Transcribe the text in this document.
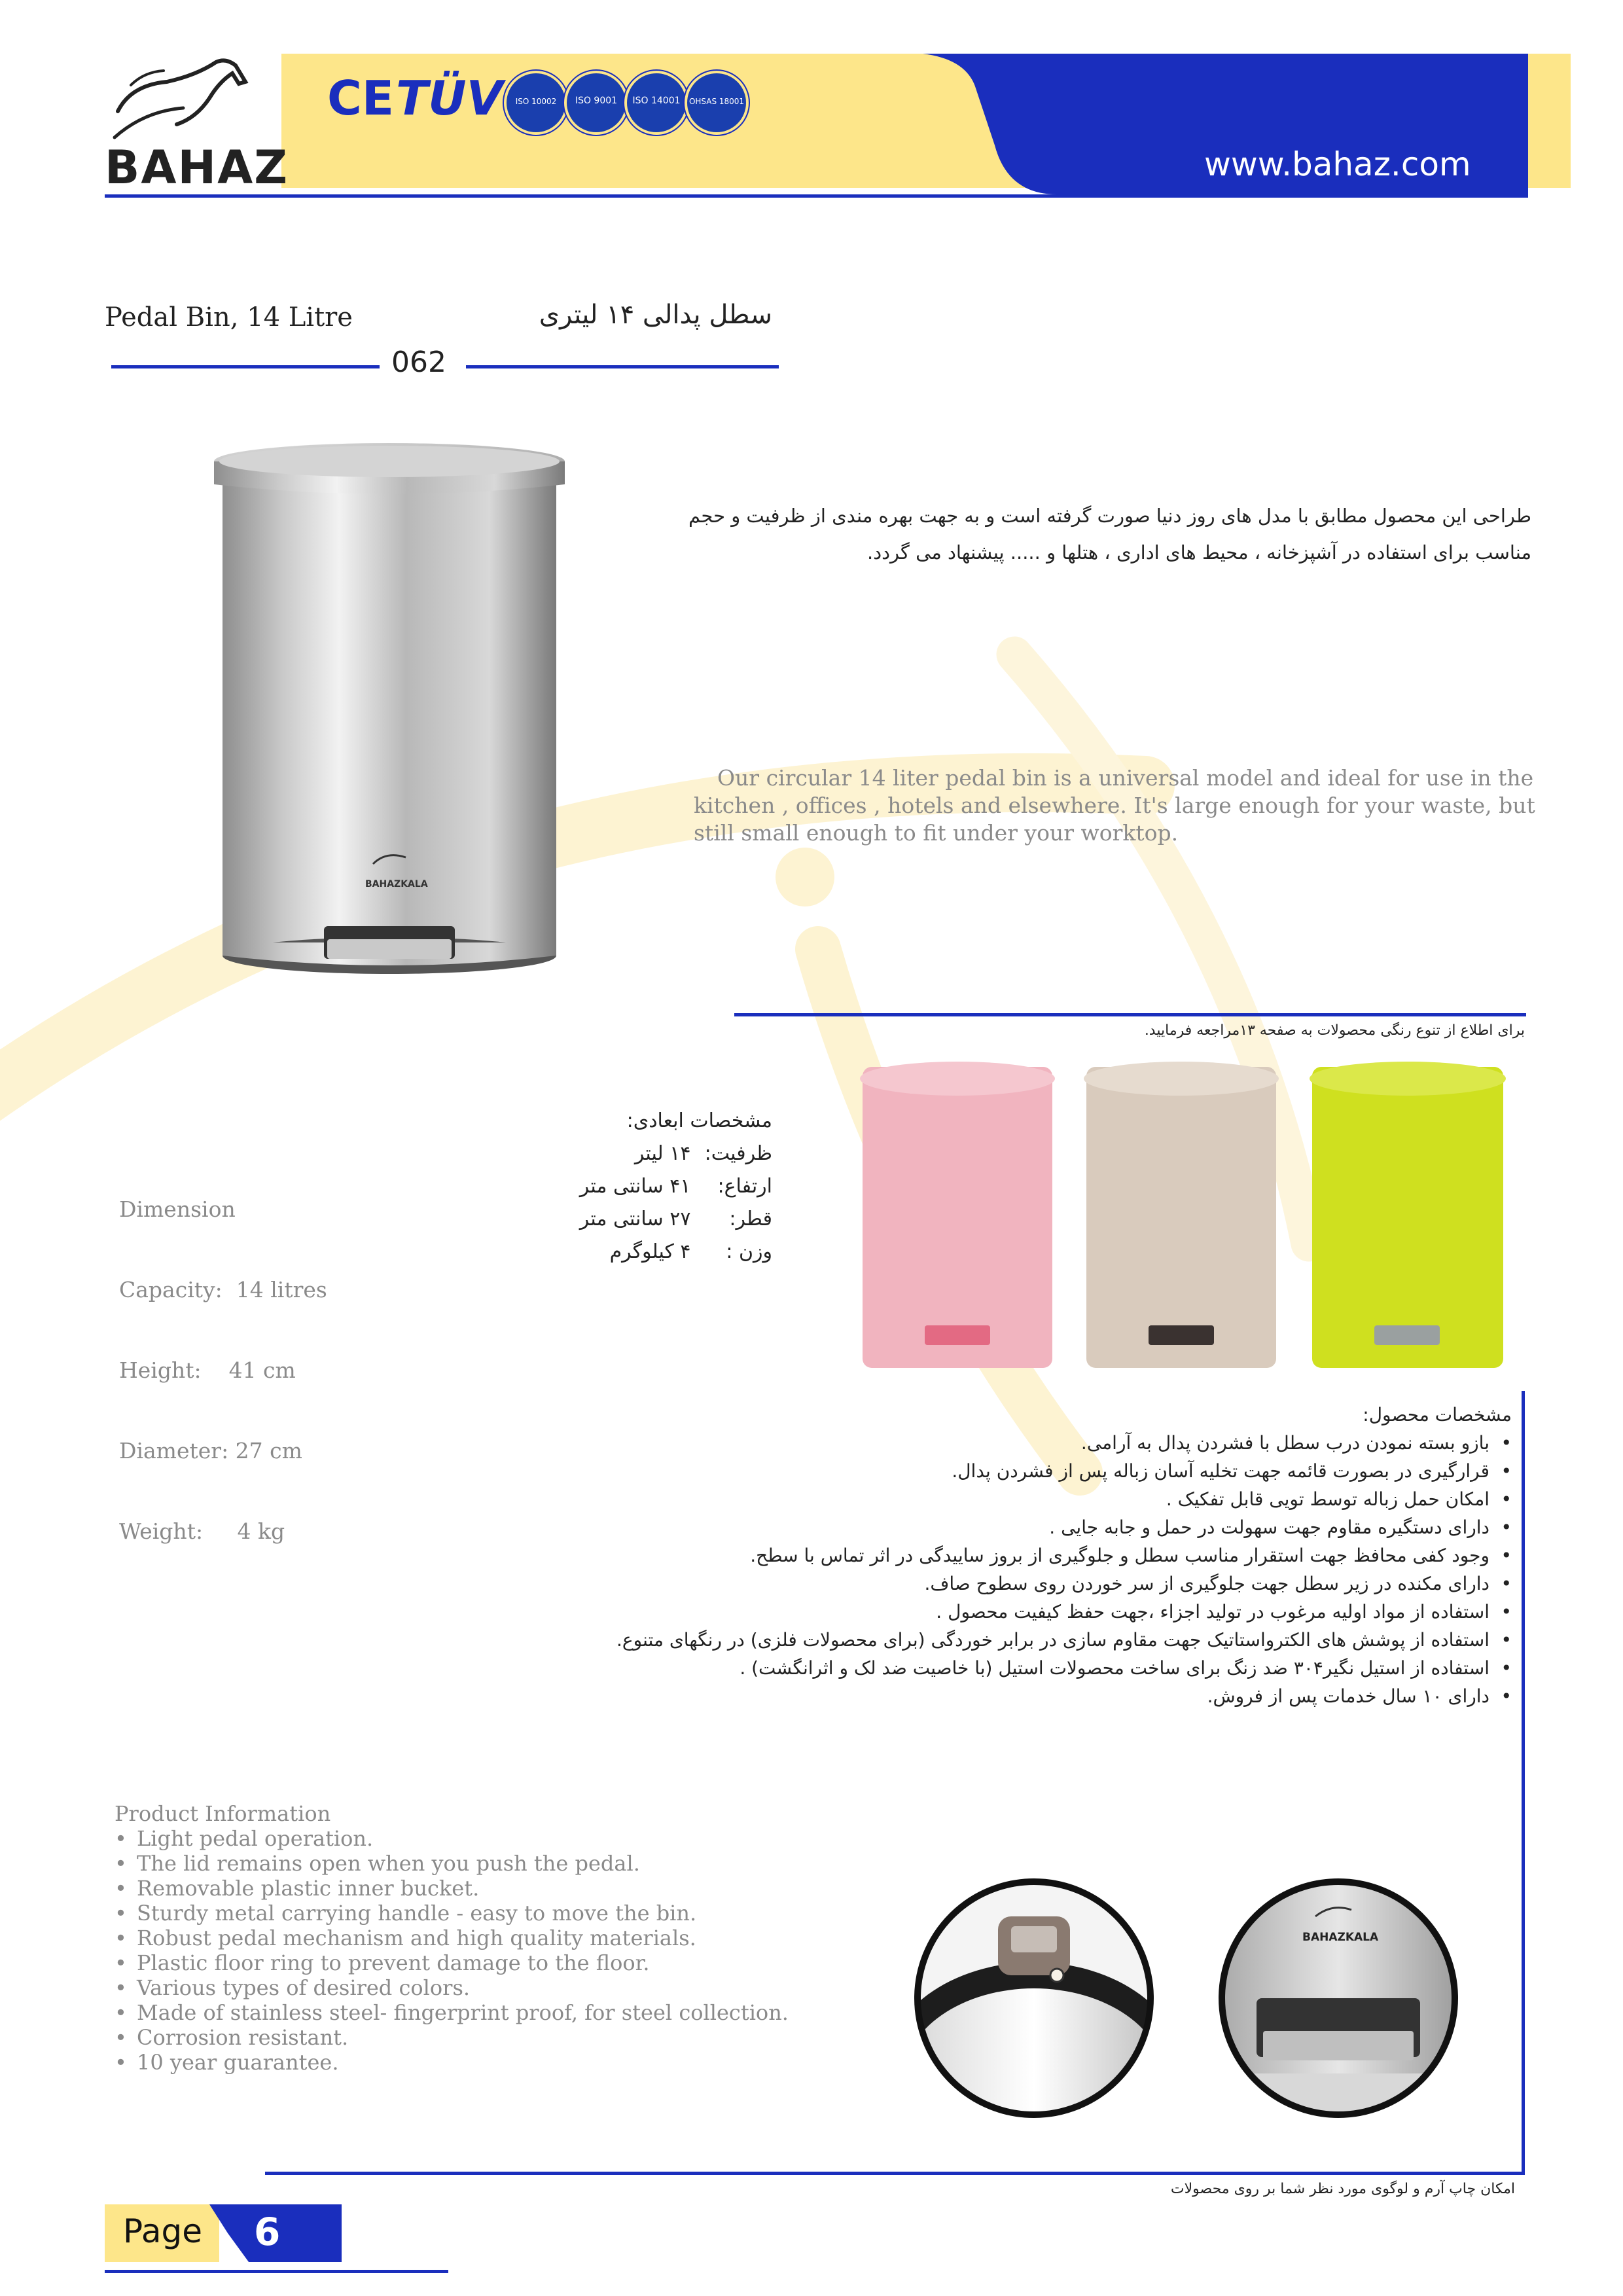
BAHAZ
CE TÜV	ISO 10002	ISO 9001	ISO 14001	OHSAS 18001
www.bahaz.com
Pedal Bin, 14 Litre	سطل پدالی ۱۴ لیتری
062
BAHAZKALA
طراحی این محصول مطابق با مدل های روز دنیا صورت گرفته است و به جهت بهره مندی از ظرفیت و حجم مناسب برای استفاده در آشپزخانه ، محیط های اداری ، هتلها و ..... پیشنهاد می گردد.
Our circular 14 liter pedal bin is a universal model and ideal for use in the kitchen , offices , hotels and elsewhere. It's large enough for your waste, but still small enough to fit under your worktop.
برای اطلاع از تنوع رنگی محصولات به صفحه ۱۳مراجعه فرمایید.
مشخصات ابعادی:
ظرفیت: ۱۴ لیتر
ارتفاع: ۴۱ سانتی متر
قطر: ۲۷ سانتی متر
وزن : ۴ کیلوگرم

Dimension

Capacity:  14 litres

Height:    41 cm

Diameter: 27 cm

Weight:     4 kg

مشخصات محصول:
• بازو بسته نمودن درب سطل با فشردن پدال به آرامی.
• قرارگیری در بصورت قائمه جهت تخلیه آسان زباله پس از فشردن پدال.
• امکان حمل زباله توسط تویی قابل تفکیک .
• دارای دستگیره مقاوم جهت سهولت در حمل و جابه جایی .
• وجود کفی محافظ جهت استقرار مناسب سطل و جلوگیری از بروز ساییدگی در اثر تماس با سطح.
• دارای مکنده در زیر سطل جهت جلوگیری از سر خوردن روی سطوح صاف.
• استفاده از مواد اولیه مرغوب در تولید اجزاء ،جهت حفظ کیفیت محصول .
• استفاده از پوشش های الکترواستاتیک جهت مقاوم سازی در برابر خوردگی (برای محصولات فلزی) در رنگهای متنوع.
• استفاده از استیل نگیر۳۰۴ ضد زنگ برای ساخت محصولات استیل (با خاصیت ضد لک و اثرانگشت) .
• دارای ۱۰ سال خدمات پس از فروش.
Product Information
• Light pedal operation.
• The lid remains open when you push the pedal.
• Removable plastic inner bucket.
• Sturdy metal carrying handle - easy to move the bin.
• Robust pedal mechanism and high quality materials.
• Plastic floor ring to prevent damage to the floor.
• Various types of desired colors.
• Made of stainless steel- fingerprint proof, for steel collection.
• Corrosion resistant.
• 10 year guarantee.
BAHAZKALA
امکان چاپ آرم و لوگوی مورد نظر شما بر روی محصولات
Page 6
